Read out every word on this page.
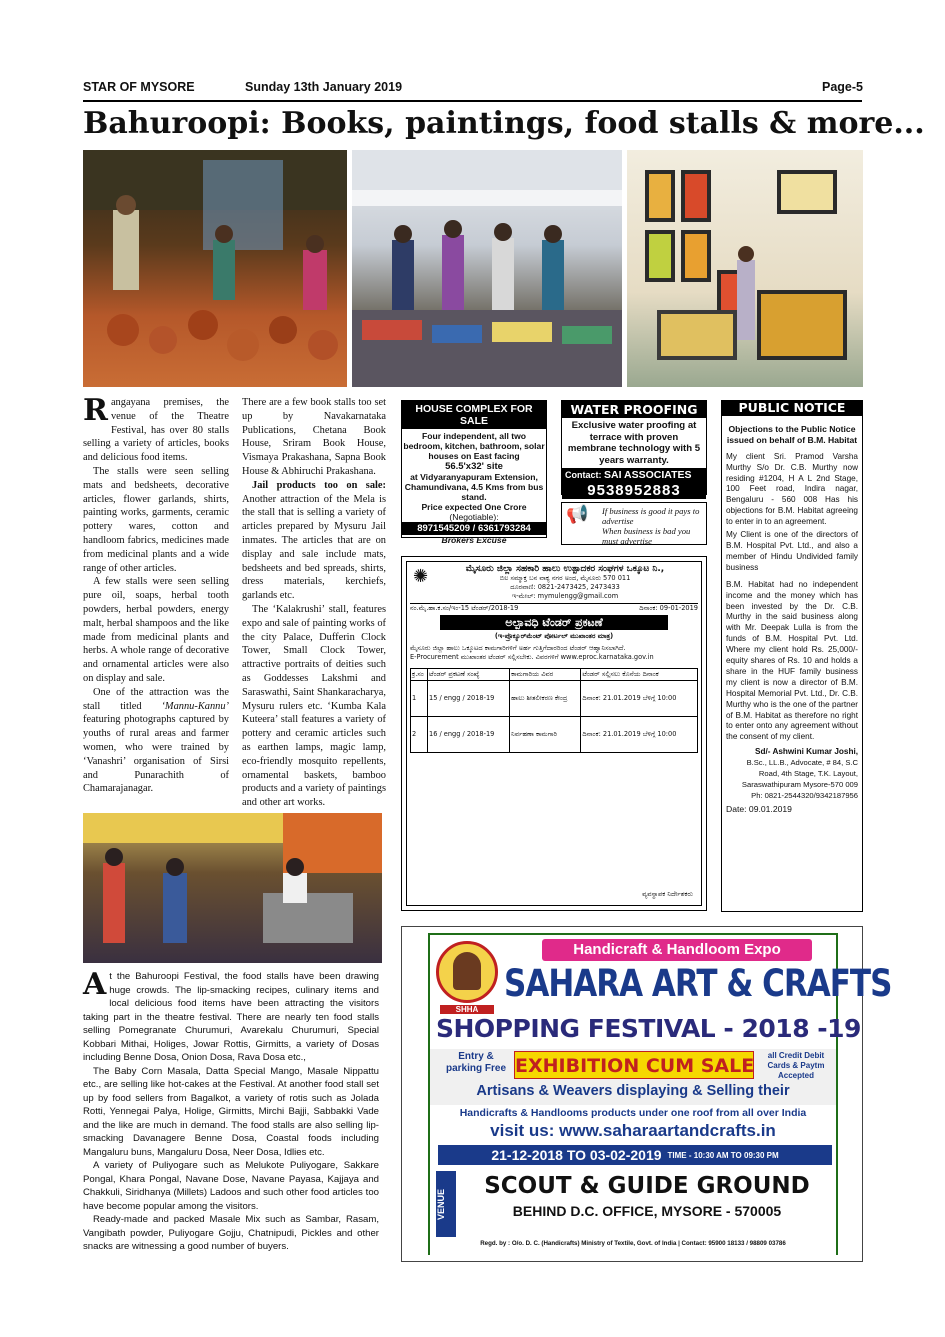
STAR OF MYSORE	Sunday 13th January 2019	Page-5
Bahuroopi: Books, paintings, food stalls & more...

Rangayana premises, the venue of the Theatre Festival, has over 80 stalls selling a variety of articles, books and delicious food items.

The stalls were seen selling mats and bedsheets, decorative articles, flower garlands, shirts, painting works, garments, ceramic pottery wares, cotton and handloom fabrics, medicines made from medicinal plants and a wide range of other articles.

A few stalls were seen selling pure oil, soaps, herbal tooth powders, herbal powders, energy malt, herbal shampoos and the like made from medicinal plants and herbs. A whole range of decorative and ornamental articles were also on display and sale.

One of the attraction was the stall titled ‘Mannu-Kannu’ featuring photographs captured by youths of rural areas and farmer women, who were trained by ‘Vanashri’ organisation of Sirsi and Punarachith of Chamarajanagar.

There are a few book stalls too set up by Navakarnataka Publications, Chetana Book House, Sriram Book House, Vismaya Prakashana, Sapna Book House & Abhiruchi Prakashana.

Jail products too on sale: Another attraction of the Mela is the stall that is selling a variety of articles prepared by Mysuru Jail inmates. The articles that are on display and sale include mats, bedsheets and bed spreads, shirts, dress materials, kerchiefs, garlands etc.

The ‘Kalakrushi’ stall, features expo and sale of painting works of the city Palace, Dufferin Clock Tower, Small Clock Tower, attractive portraits of deities such as Goddesses Lakshmi and Saraswathi, Saint Shankaracharya, Mysuru rulers etc. ‘Kumba Kala Kuteera’ stall features a variety of pottery and ceramic articles such as earthen lamps, magic lamp, eco-friendly mosquito repellents, ornamental baskets, bamboo products and a variety of paintings and other art works.

At the Bahuroopi Festival, the food stalls have been drawing huge crowds. The lip-smacking recipes, culinary items and local delicious food items have been attracting the visitors taking part in the theatre festival. There are nearly ten food stalls selling Pomegranate Churumuri, Avarekalu Churumuri, Special Kobbari Mithai, Holiges, Jowar Rottis, Girmitts, a variety of Dosas including Benne Dosa, Onion Dosa, Rava Dosa etc.,

The Baby Corn Masala, Datta Special Mango, Masale Nippattu etc., are selling like hot-cakes at the Festival. At another food stall set up by food sellers from Bagalkot, a variety of rotis such as Jolada Rotti, Yennegai Palya, Holige, Girmitts, Mirchi Bajji, Sabbakki Vade and the like are much in demand. The food stalls are also selling lip-smacking Davanagere Benne Dosa, Coastal foods including Mangaluru buns, Mangaluru Dosa, Neer Dosa, Idlies etc.

A variety of Puliyogare such as Melukote Puliyogare, Sakkare Pongal, Khara Pongal, Navane Dose, Navane Payasa, Kajjaya and Chakkuli, Siridhanya (Millets) Ladoos and such other food articles too have become popular among the visitors.

Ready-made and packed Masale Mix such as Sambar, Rasam, Vangibath powder, Puliyogare Gojju, Chatnipudi, Pickles and other snacks are witnessing a good number of buyers.

HOUSE COMPLEX FOR SALE
Four independent, all two bedroom, kitchen, bathroom, solar houses on East facing
56.5'x32' site
at Vidyaranyapuram Extension, Chamundivana, 4.5 Kms from bus stand.
Price expected One Crore
(Negotiable):
8971545209 / 6361793284
Brokers Excuse
WATER PROOFING
Exclusive water proofing at terrace with proven membrane technology with 5 years warranty.
Contact: SAI ASSOCIATES
9538952883
📢 If business is good it pays to advertise
When business is bad you must advertise
PUBLIC NOTICE
Objections to the Public Notice issued on behalf of B.M. Habitat
My client Sri. Pramod Varsha Murthy S/o Dr. C.B. Murthy now residing #1204, H A L 2nd Stage, 100 Feet road, Indira nagar, Bengaluru - 560 008 Has his objections for B.M. Habitat agreeing to enter in to an agreement.
My Client is one of the directors of B.M. Hospital Pvt. Ltd., and also a member of Hindu Undivided family business
B.M. Habitat had no independent income and the money which has been invested by the Dr. C.B. Murthy in the said business along with Mr. Deepak Lulla is from the funds of B.M. Hospital Pvt. Ltd. Where my client hold Rs. 25,000/- equity shares of Rs. 10 and holds a share in the HUF family business my client is now a director of B.M. Hospital Memorial Pvt. Ltd., Dr. C.B. Murthy who is the one of the partner of B.M. Habitat as therefore no right to enter onto any agreement without the consent of my client.
Sd/- Ashwini Kumar Joshi,
B.Sc., LL.B., Advocate, # 84, S.C Road, 4th Stage, T.K. Layout, Saraswathipuram Mysore-570 009
Ph: 0821-2544320/9342187956
Date: 09.01.2019
✺	ಮೈಸೂರು ಜಿಲ್ಲಾ ಸಹಕಾರಿ ಹಾಲು ಉತ್ಪಾದಕರ ಸಂಘಗಳ ಒಕ್ಕೂಟ ನಿ.,
ಬಿಲ ಸಮ್ಮಾಕ್ತ ಬನ ವಾಕ್ಯ ನಗರ ಅಂದ, ಮೈಸೂರು 570 011
ದೂರವಾಣಿ: 0821-2473425, 2473433
ಇ-ಮೇಲ್: mymulengg@gmail.com
ನಂ.ಮೈ.ಹಾ.ಕ.ಸಂ/ಇಂ-15 ಟೆಂಡರ್/2018-19	ದಿನಾಂಕ: 09-01-2019
ಅಲ್ಪಾವಧಿ ಟೆಂಡರ್ ಪ್ರಕಟಣೆ
(ಇ-ಪ್ರೊಕ್ಯೂರ್‌ಮೆಂಟ್ ಪೋರ್ಟಲ್ ಮುಖಾಂತರ ಮಾತ್ರ)
ಮೈಸೂರು ಜಿಲ್ಲಾ ಹಾಲು ಒಕ್ಕೂಟದ ಕಾಮಗಾರಿಗಳಿಗೆ ಅರ್ಹ ಗುತ್ತಿಗೆದಾರರಿಂದ ಟೆಂಡರ್ ಆಹ್ವಾನಿಸಲಾಗಿದೆ.
E-Procurement ಮುಖಾಂತರ ಟೆಂಡರ್ ಸಲ್ಲಿಸಬೇಕು. ವಿವರಗಳಿಗೆ www.eproc.karnataka.gov.in
ಕ್ರ.ಸಂ	ಟೆಂಡರ್ ಪ್ರಕಟಣೆ ಸಂಖ್ಯೆ	ಕಾಮಗಾರಿಯ ವಿವರ	ಟೆಂಡರ್ ಸಲ್ಲಿಸಲು ಕೊನೆಯ ದಿನಾಂಕ
1	15 / engg / 2018-19	ಹಾಲು ಶೀತಲೀಕರಣ ಕೇಂದ್ರ	ದಿನಾಂಕ: 21.01.2019 ಬೆಳಿಗ್ಗೆ 10:00
2	16 / engg / 2018-19	ನಿರ್ವಹಣಾ ಕಾಮಗಾರಿ	ದಿನಾಂಕ: 21.01.2019 ಬೆಳಿಗ್ಗೆ 10:00
ವ್ಯವಸ್ಥಾಪಕ ನಿರ್ದೇಶಕರು
Handicraft & Handloom Expo
SHHA
SAHARA ART & CRAFTS
SHOPPING FESTIVAL - 2018 -19
Entry & parking Free EXHIBITION CUM SALE	all Credit Debit Cards & Paytm Accepted
Artisans & Weavers displaying & Selling their
Handicrafts & Handlooms products under one roof from all over India
visit us: www.saharaartandcrafts.in
21-12-2018 TO 03-02-2019 TIME - 10:30 AM TO 09:30 PM
VENUE
SCOUT & GUIDE GROUND
BEHIND D.C. OFFICE, MYSORE - 570005
Regd. by : O/o. D. C. (Handicrafts) Ministry of Textile, Govt. of India | Contact: 95900 18133 / 98809 03786
